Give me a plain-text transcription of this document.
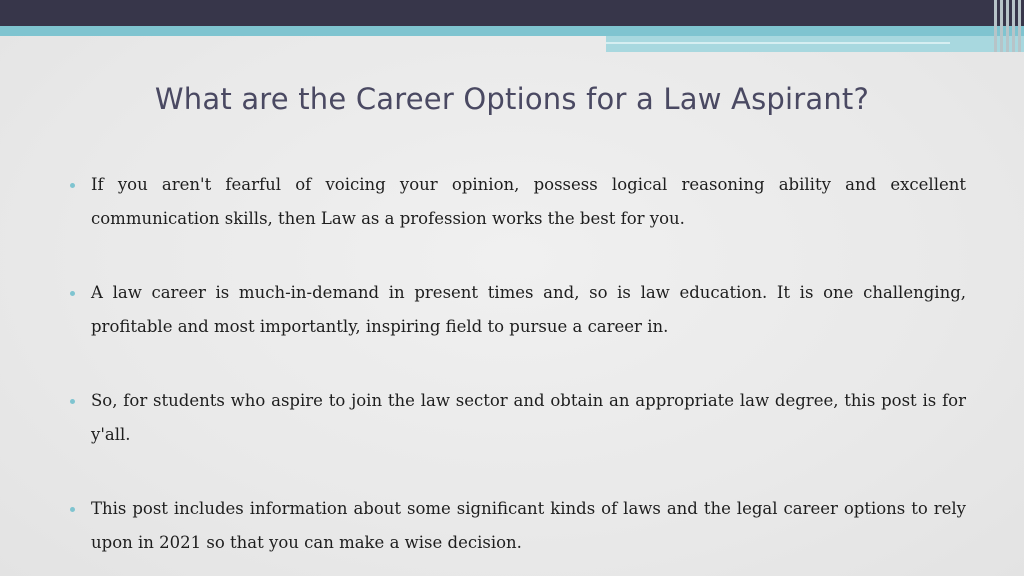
What are the Career Options for a Law Aspirant?
If you aren't fearful of voicing your opinion, possess logical reasoning ability and excellent communication skills, then Law as a profession works the best for you.
A law career is much-in-demand in present times and, so is law education. It is one challenging, profitable and most importantly, inspiring field to pursue a career in.
So, for students who aspire to join the law sector and obtain an appropriate law degree, this post is for y'all.
This post includes information about some significant kinds of laws and the legal career options to rely upon in 2021 so that you can make a wise decision.
